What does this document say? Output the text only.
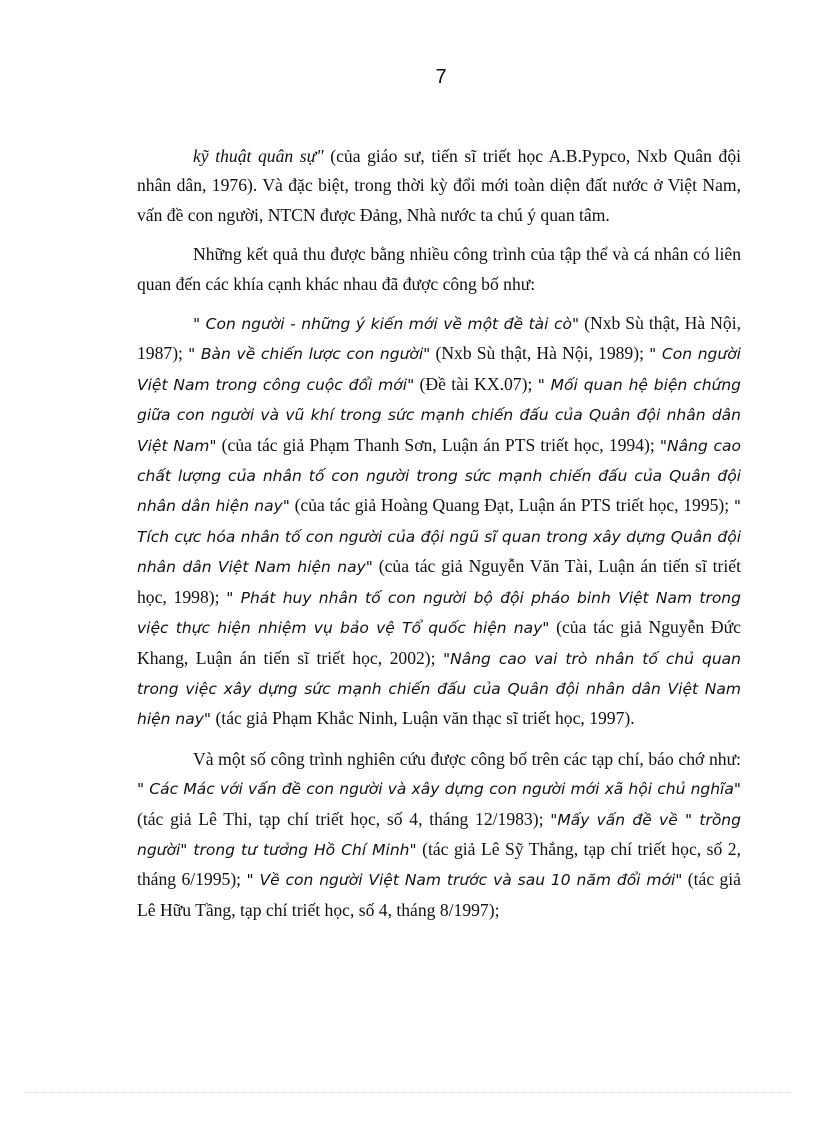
7

kỹ thuật quân sự" (của giáo sư, tiến sĩ triết học A.B.Pypco, Nxb Quân đội nhân dân, 1976). Và đặc biệt, trong thời kỳ đổi mới toàn diện đất nước ở Việt Nam, vấn đề con người, NTCN được Đảng, Nhà nước ta chú ý quan tâm.

Những kết quả thu được bằng nhiều công trình của tập thể và cá nhân có liên quan đến các khía cạnh khác nhau đã được công bố như:

" Con người - những ý kiến mới về một đề tài cò" (Nxb Sù thật, Hà Nội, 1987); " Bàn về chiến lược con người" (Nxb Sù thật, Hà Nội, 1989); " Con người Việt Nam trong công cuộc đổi mới" (Đề tài KX.07); " Mối quan hệ biện chứng giữa con người và vũ khí trong sức mạnh chiến đấu của Quân đội nhân dân Việt Nam" (của tác giả Phạm Thanh Sơn, Luận án PTS triết học, 1994); "Nâng cao chất lượng của nhân tố con người trong sức mạnh chiến đấu của Quân đội nhân dân hiện nay" (của tác giả Hoàng Quang Đạt, Luận án PTS triết học, 1995); " Tích cực hóa nhân tố con người của đội ngũ sĩ quan trong xây dựng Quân đội nhân dân Việt Nam hiện nay" (của tác giả Nguyễn Văn Tài, Luận án tiến sĩ triết học, 1998); " Phát huy nhân tố con người bộ đội pháo binh Việt Nam trong việc thực hiện nhiệm vụ bảo vệ Tổ quốc hiện nay" (của tác giả Nguyễn Đức Khang, Luận án tiến sĩ triết học, 2002); "Nâng cao vai trò nhân tố chủ quan trong việc xây dựng sức mạnh chiến đấu của Quân đội nhân dân Việt Nam hiện nay" (tác giả Phạm Khắc Ninh, Luận văn thạc sĩ triết học, 1997).

Và một số công trình nghiên cứu được công bố trên các tạp chí, báo chớ như: " Các Mác với vấn đề con người và xây dựng con người mới xã hội chủ nghĩa" (tác giả Lê Thi, tạp chí triết học, số 4, tháng 12/1983); "Mấy vấn đề về " trồng người" trong tư tưởng Hồ Chí Minh" (tác giả Lê Sỹ Thắng, tạp chí triết học, số 2, tháng 6/1995); " Về con người Việt Nam trước và sau 10 năm đổi mới" (tác giả Lê Hữu Tầng, tạp chí triết học, số 4, tháng 8/1997);
